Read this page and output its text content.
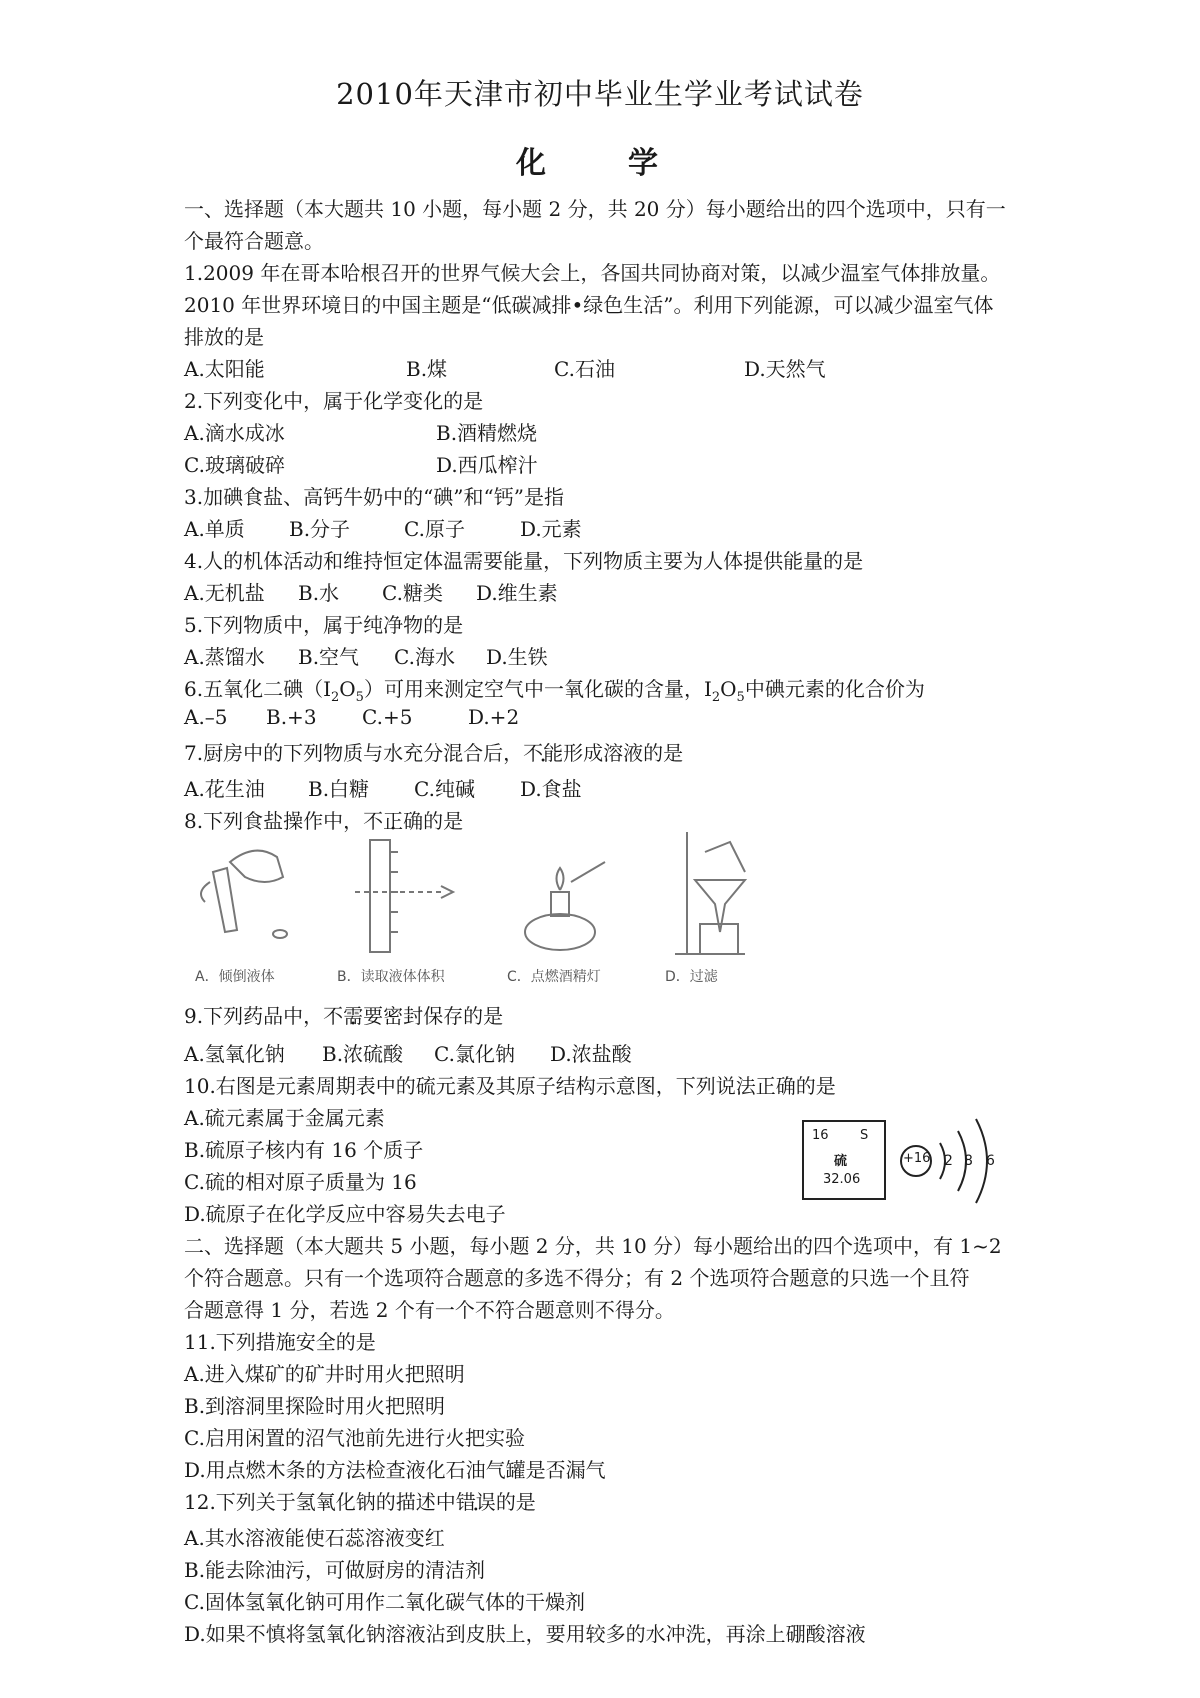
2010年天津市初中毕业生学业考试试卷
化　学
一、选择题（本大题共 10 小题，每小题 2 分，共 20 分）每小题给出的四个选项中，只有一
个最符合题意。
1.2009 年在哥本哈根召开的世界气候大会上，各国共同协商对策，以减少温室气体排放量。
2010 年世界环境日的中国主题是“低碳减排•绿色生活”。利用下列能源，可以减少温室气体
排放的是
A.太阳能	B.煤	C.石油	D.天然气
2.下列变化中，属于化学变化的是
A.滴水成冰	B.酒精燃烧
C.玻璃破碎	D.西瓜榨汁
3.加碘食盐、高钙牛奶中的“碘”和“钙”是指
A.单质 B.分子	C.原子	D.元素
4.人的机体活动和维持恒定体温需要能量，下列物质主要为人体提供能量的是
A.无机盐 B.水 C.糖类 D.维生素
5.下列物质中，属于纯净物的是
A.蒸馏水 B.空气 C.海水 D.生铁
6.五氧化二碘$(I_2O_5)$可用来测定空气中一氧化碳的含量，$I_2O_5$中碘元素的化合价为
A.–5 B.+3 C.+5	D.+2
7.厨房中的下列物质与水充分混合后，不能形成溶液的是
A.花生油 B.白糖 C.纯碱 D.食盐
8.下列食盐操作中，不正确的是
A．倾倒液体	B．读取液体体积	C．点燃酒精灯	D．过滤
9.下列药品中，不需要密封保存的是
A.氢氧化钠 B.浓硫酸 C.氯化钠 D.浓盐酸
10.右图是元素周期表中的硫元素及其原子结构示意图，下列说法正确的是
A.硫元素属于金属元素
B.硫原子核内有 16 个质子
C.硫的相对原子质量为 16
D.硫原子在化学反应中容易失去电子
16 S
硫
32.06
+16 2 8 6
二、选择题（本大题共 5 小题，每小题 2 分，共 10 分）每小题给出的四个选项中，有 1~2
个符合题意。只有一个选项符合题意的多选不得分；有 2 个选项符合题意的只选一个且符
合题意得 1 分，若选 2 个有一个不符合题意则不得分。
11.下列措施安全的是
A.进入煤矿的矿井时用火把照明
B.到溶洞里探险时用火把照明
C.启用闲置的沼气池前先进行火把实验
D.用点燃木条的方法检查液化石油气罐是否漏气
12.下列关于氢氧化钠的描述中错误的是
A.其水溶液能使石蕊溶液变红
B.能去除油污，可做厨房的清洁剂
C.固体氢氧化钠可用作二氧化碳气体的干燥剂
D.如果不慎将氢氧化钠溶液沾到皮肤上，要用较多的水冲洗，再涂上硼酸溶液
